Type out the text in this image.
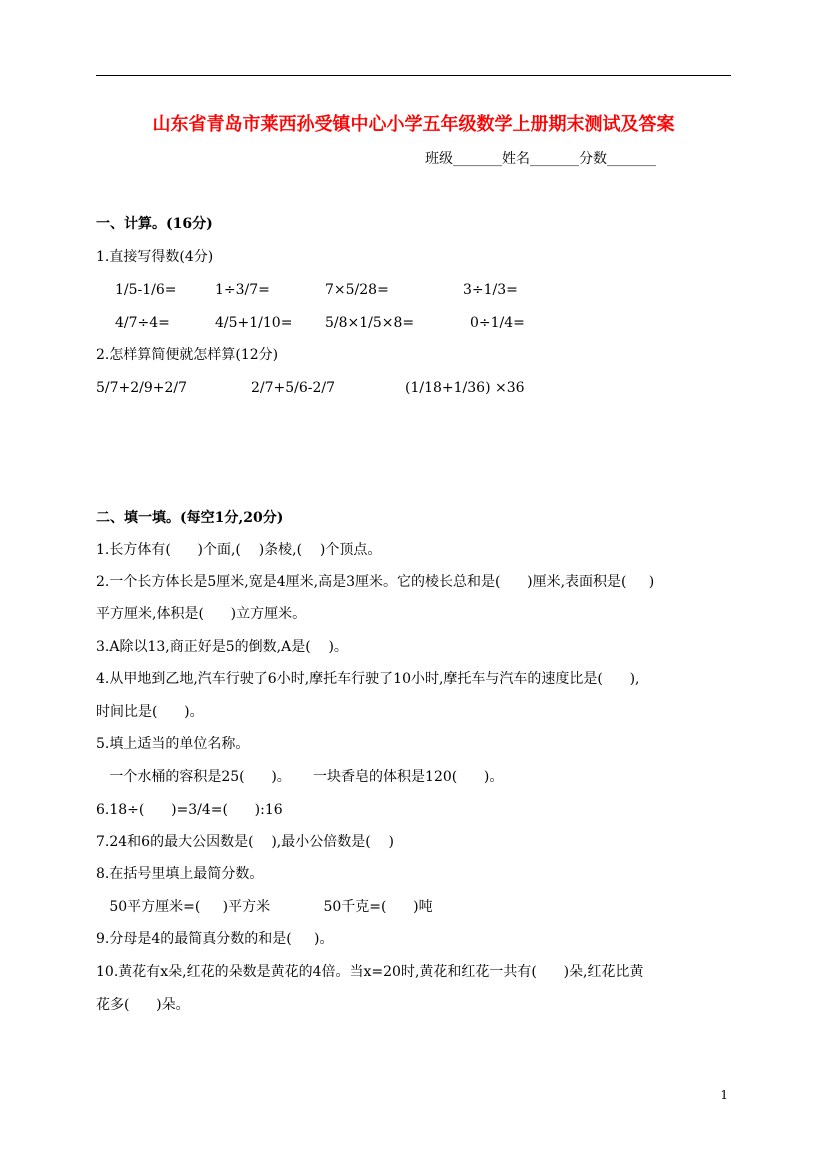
山东省青岛市莱西孙受镇中心小学五年级数学上册期末测试及答案
班级_______姓名_______分数_______
一、计算。(16分)
1.直接写得数(4分)
1/5-1/6=	1÷3/7=	7×5/28=	3÷1/3=
4/7÷4=	4/5+1/10= 5/8×1/5×8=	0÷1/4=
2.怎样算简便就怎样算(12分)
5/7+2/9+2/7	2/7+5/6-2/7	(1/18+1/36) ×36
二、填一填。(每空1分,20分)
1.长方体有(      )个面,(    )条棱,(    )个顶点。
2.一个长方体长是5厘米,宽是4厘米,高是3厘米。它的棱长总和是(      )厘米,表面积是(     )
平方厘米,体积是(      )立方厘米。
3.A除以13,商正好是5的倒数,A是(    )。
4.从甲地到乙地,汽车行驶了6小时,摩托车行驶了10小时,摩托车与汽车的速度比是(      ),
时间比是(      )。
5.填上适当的单位名称。
一个水桶的容积是25(      )。     一块香皂的体积是120(      )。
6.18÷(      )=3/4=(      ):16
7.24和6的最大公因数是(    ),最小公倍数是(    )
8.在括号里填上最简分数。
50平方厘米=(     )平方米            50千克=(      )吨
9.分母是4的最简真分数的和是(     )。
10.黄花有x朵,红花的朵数是黄花的4倍。当x=20时,黄花和红花一共有(      )朵,红花比黄
花多(      )朵。
1
